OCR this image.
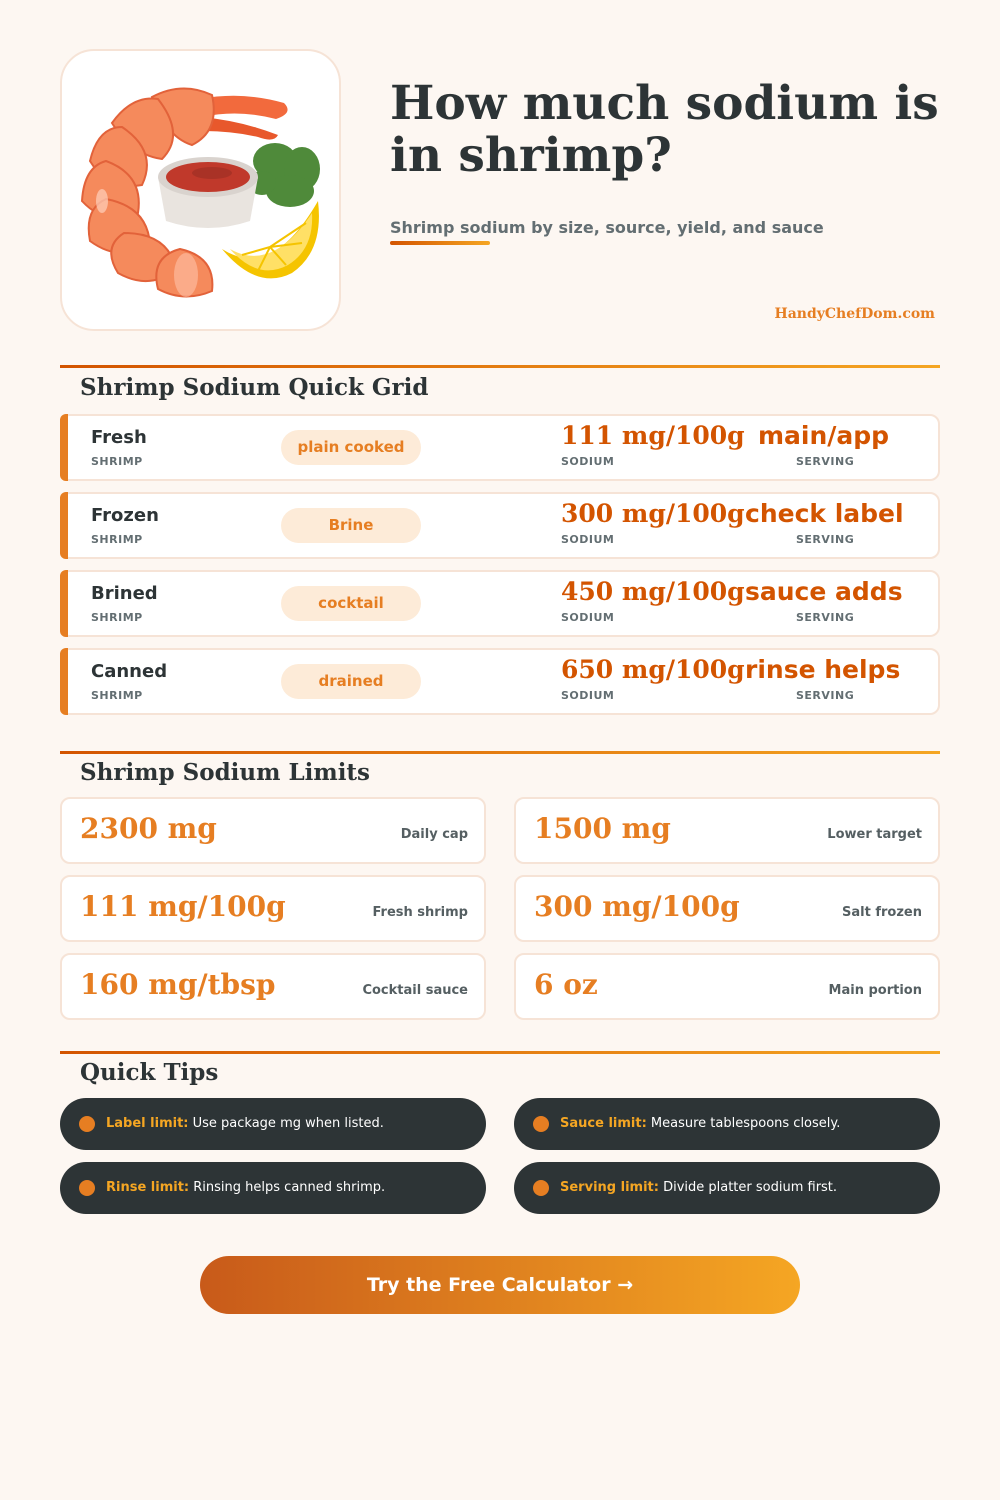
How much sodium is in shrimp?
Shrimp sodium by size, source, yield, and sauce
HandyChefDom.com
Shrimp Sodium Quick Grid
Fresh
SHRIMP
plain cooked	111 mg/100g
SODIUM
main/app
SERVING
Frozen
SHRIMP
Brine	300 mg/100g
SODIUM
check label
SERVING
Brined
SHRIMP
cocktail	450 mg/100g
SODIUM
sauce adds
SERVING
Canned
SHRIMP
drained	650 mg/100g
SODIUM
rinse helps
SERVING
Shrimp Sodium Limits
2300 mg	Daily cap 1500 mg	Lower target
111 mg/100g	Fresh shrimp 300 mg/100g	Salt frozen
160 mg/tbsp	Cocktail sauce 6 oz	Main portion
Quick Tips
Label limit: Use package mg when listed.	Sauce limit: Measure tablespoons closely.
Rinse limit: Rinsing helps canned shrimp.	Serving limit: Divide platter sodium first.
Try the Free Calculator →
